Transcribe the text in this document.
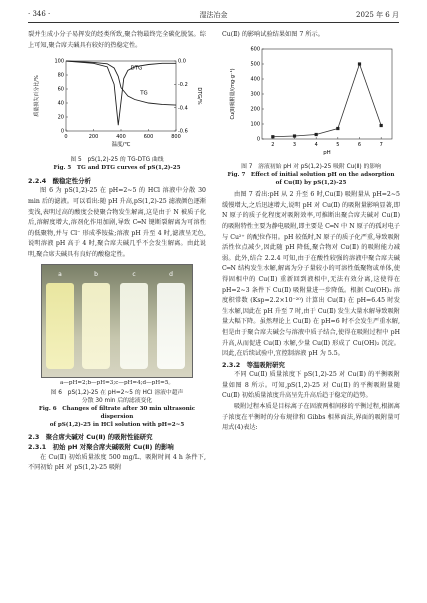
· 346 ·	湿法冶金	2025 年 6 月

裂并生成小分子易挥发的经类所致,聚合物最终完全碳化脱氢。综上可知,聚合席夫碱具有较好的热稳定性。

0	200	400	600	800
0
20
40
60
80
100
-0.6
-0.4
-0.2
0.0
温度/℃
质量损失百分比/%	DTG/%
TG
DTG

图 5　pS(1,2)-25 的 TG-DTG 曲线

Fig. 5　TG and DTG curves of pS(1,2)-25

2.2.4　酸稳定性分析

图 6 为 pS(1,2)-25 在 pH=2~5 的 HCl 溶液中分散 30 min 后的滤液。可以看出:随 pH 升高,pS(1,2)-25 滤液颜色逐渐变浅,表明过高的酸度会使聚合物发生解离,这是由于 N 被质子化后,溶解度增大,溶剂化作用加剧,导致 C═N 键断裂解离为可溶性的低聚物,并与 Cl⁻ 形成季铵盐;溶液 pH 升至 4 时,滤液呈无色,说明溶液 pH 高于 4 时,聚合席夫碱几乎不会发生解离。由此说明,聚合席夫碱具有良好的酸稳定性。

a	b	c	d

a—pH=2;b—pH=3;c—pH=4;d—pH=5。

图 6　pS(1,2)-25 在 pH=2~5 的 HCl 溶液中超声

分散 30 min 后的滤液变化

Fig. 6　Changes of filtrate after 30 min ultrasonic dispersion

of pS(1,2)-25 in HCl solution with pH=2~5

2.3　聚合席夫碱对 Cu(Ⅱ) 的吸附性能研究

2.3.1　初始 pH 对聚合席夫碱吸附 Cu(Ⅱ) 的影响

在 Cu(Ⅱ) 初始质量浓度 500 mg/L、吸附时间 4 h 条件下,不同初始 pH 对 pS(1,2)-25 吸附

Cu(Ⅱ) 的影响试验结果如图 7 所示。

2	3	4	5	6	7
0
100
200
300
400
500
600
pH
Cu(Ⅱ)吸附量/(mg·g⁻¹)

图 7　溶液初始 pH 对 pS(1,2)-25 吸附 Cu(Ⅱ) 的影响

Fig. 7　Effect of initial solution pH on the adsorption

of Cu(Ⅱ) by pS(1,2)-25

由图 7 看出:pH 从 2 升至 6 时,Cu(Ⅱ) 吸附量从 pH=2~5 缓慢增大,之后迅速增大,说明 pH 对 Cu(Ⅱ) 的吸附量影响显著,即 N 原子的质子化程度对吸附效率,可推断出聚合席夫碱对 Cu(Ⅱ) 的吸附特性主要为静电吸附,即主要是 C═N 中 N 原子的孤对电子与 Cu²⁺ 的配位作用。pH 较低时,N 原子的质子化严重,导致吸附活性位点减少,因此随 pH 降低,聚合物对 Cu(Ⅱ) 的吸附能力减弱。此外,结合 2.2.4 可知,由于在酸性较强的溶液中聚合席夫碱 C═N 结构发生水解,解离为分子量较小的可溶性低聚物或单体,使得固相中的 Cu(Ⅱ) 重新回到液相中,无法有效分离,这使得在 pH=2~3 条件下 Cu(Ⅱ) 吸附量进一步降低。根据 Cu(OH)₂ 溶度积常数 (Ksp=2.2×10⁻²⁰) 计算出 Cu(Ⅱ) 在 pH=6.45 时发生水解,因此在 pH 升至 7 时,由于 Cu(Ⅱ) 发生大量水解导致吸附量大幅下降。虽然理论上 Cu(Ⅱ) 在 pH=6 时不会发生严重水解,但是由于聚合席夫碱会与溶液中质子结合,使得在吸附过程中 pH 升高,从而促进 Cu(Ⅱ) 水解,少量 Cu(Ⅱ) 形成了 Cu(OH)₂ 沉淀。因此,在后续试验中,宜控制溶液 pH 为 5.5。

2.3.2　等温吸附研究

不同 Cu(Ⅱ) 质量浓度下 pS(1,2)-25 对 Cu(Ⅱ) 的平衡吸附量如图 8 所示。可知,pS(1,2)-25 对 Cu(Ⅱ) 的平衡吸附量随 Cu(Ⅱ) 初始质量浓度升高呈先升高后趋于稳定的趋势。

吸附过程本质是目标离子在固液两相间移的平衡过程,根据离子浓度在平衡时的分布规律和 Gibbs 相界面法,界面的吸附量可用式(4)表达:
